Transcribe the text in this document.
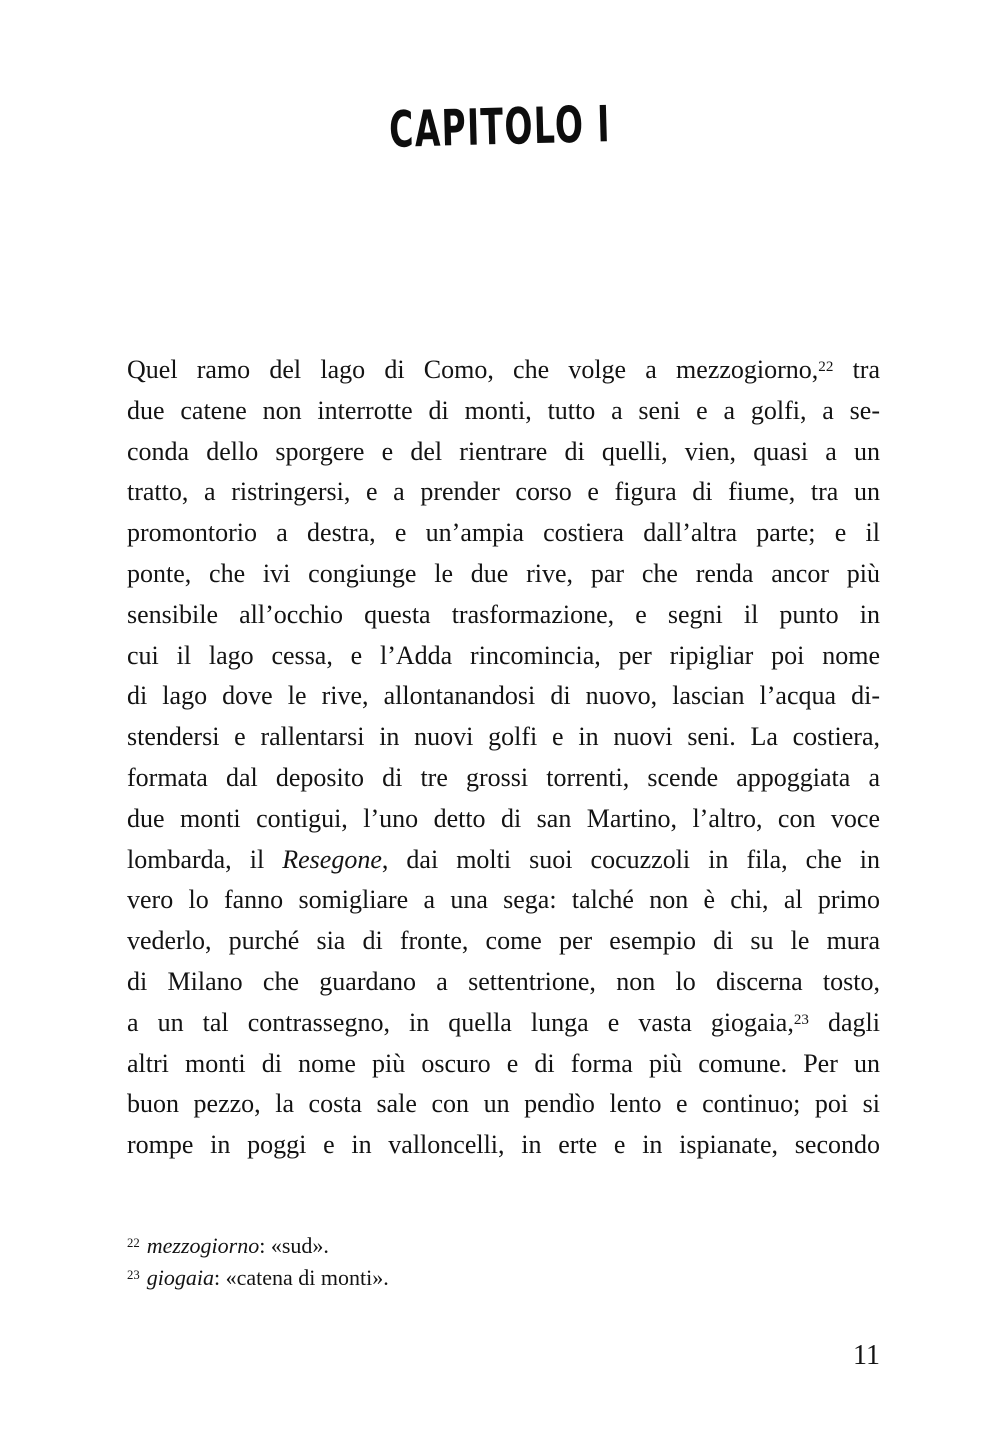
CAPITOLO I
Quel ramo del lago di Como, che volge a mezzogiorno,$^{22}$ tra
due catene non interrotte di monti, tutto a seni e a golfi, a se-
conda dello sporgere e del rientrare di quelli, vien, quasi a un
tratto, a ristringersi, e a prender corso e figura di fiume, tra un
promontorio a destra, e un’ampia costiera dall’altra parte; e il
ponte, che ivi congiunge le due rive, par che renda ancor più
sensibile all’occhio questa trasformazione, e segni il punto in
cui il lago cessa, e l’Adda rincomincia, per ripigliar poi nome
di lago dove le rive, allontanandosi di nuovo, lascian l’acqua di-
stendersi e rallentarsi in nuovi golfi e in nuovi seni. La costiera,
formata dal deposito di tre grossi torrenti, scende appoggiata a
due monti contigui, l’uno detto di san Martino, l’altro, con voce
lombarda, il Resegone, dai molti suoi cocuzzoli in fila, che in
vero lo fanno somigliare a una sega: talché non è chi, al primo
vederlo, purché sia di fronte, come per esempio di su le mura
di Milano che guardano a settentrione, non lo discerna tosto,
a un tal contrassegno, in quella lunga e vasta giogaia,$^{23}$ dagli
altri monti di nome più oscuro e di forma più comune. Per un
buon pezzo, la costa sale con un pendìo lento e continuo; poi si
rompe in poggi e in valloncelli, in erte e in ispianate, secondo
$^{22}$ mezzogiorno: «sud».
$^{23}$ giogaia: «catena di monti».
11
